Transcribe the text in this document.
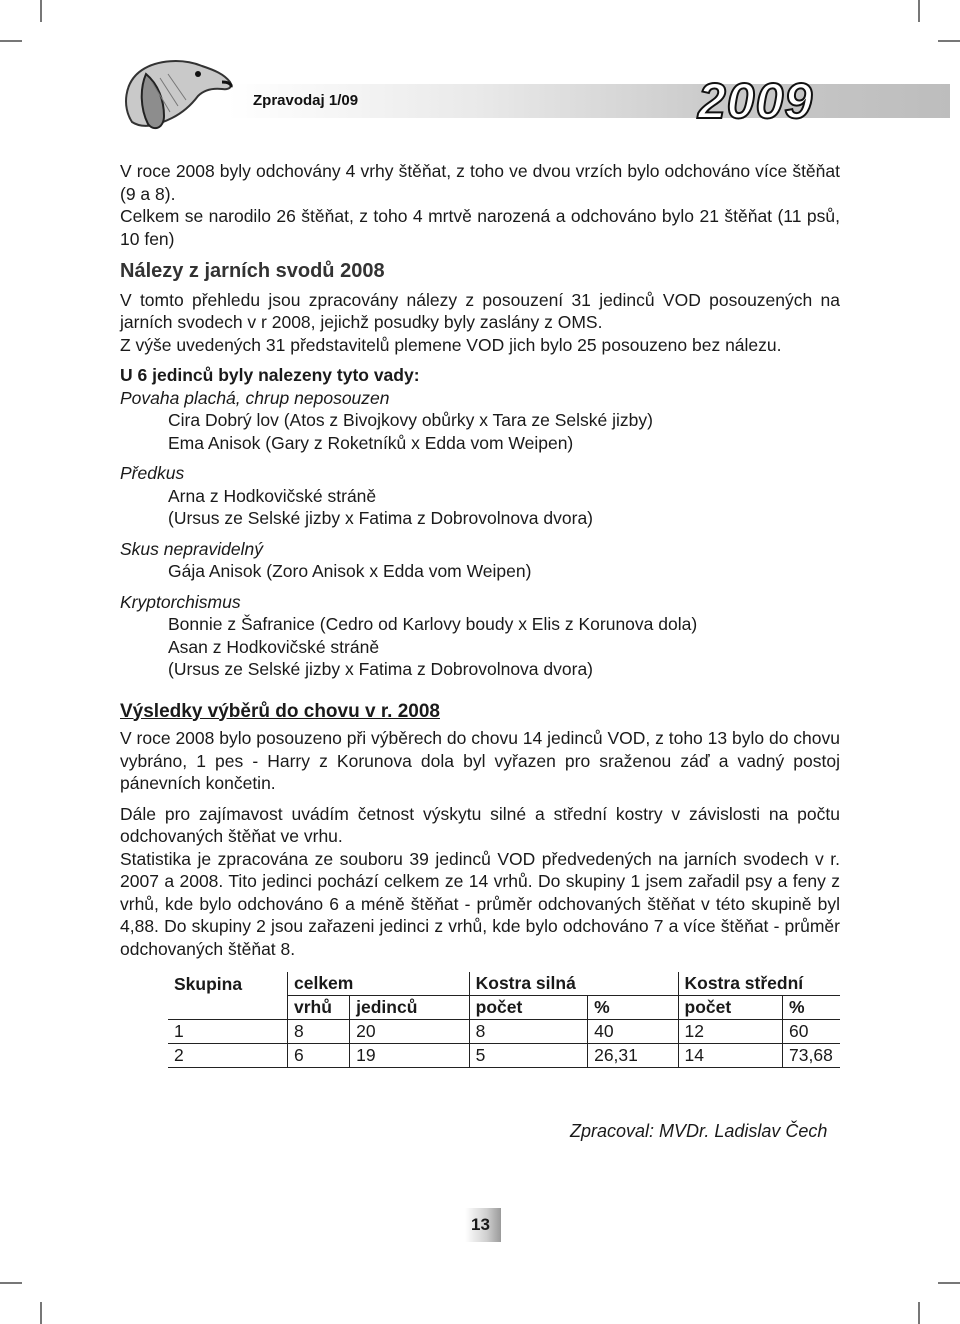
Zpravodaj 1/09	2009

V roce 2008 byly odchovány 4 vrhy štěňat, z toho ve dvou vrzích bylo odchováno více štěňat (9 a 8).

Celkem se narodilo 26 štěňat, z toho 4 mrtvě narozená a odchováno bylo 21 štěňat (11 psů, 10 fen)

Nálezy z jarních svodů 2008

V tomto přehledu jsou zpracovány nálezy z posouzení 31 jedinců VOD posouzených na jarních svodech v r 2008, jejichž posudky byly zaslány z OMS.

Z výše uvedených 31 představitelů plemene VOD jich bylo 25 posouzeno bez nálezu.

U 6 jedinců byly nalezeny tyto vady:

Povaha plachá, chrup neposouzen

Cira Dobrý lov (Atos z Bivojkovy obůrky x Tara ze Selské jizby)

Ema Anisok (Gary z Roketníků x Edda vom Weipen)

Předkus

Arna z Hodkovičské stráně

(Ursus ze Selské jizby x Fatima z Dobrovolnova dvora)

Skus nepravidelný

Gája Anisok (Zoro Anisok x Edda vom Weipen)

Kryptorchismus

Bonnie z Šafranice (Cedro od Karlovy boudy x Elis z Korunova dola)

Asan z Hodkovičské stráně

(Ursus ze Selské jizby x Fatima z Dobrovolnova dvora)

Výsledky výběrů do chovu v r. 2008

V roce 2008 bylo posouzeno při výběrech do chovu 14 jedinců VOD, z toho 13 bylo do chovu vybráno, 1 pes - Harry z Korunova dola byl vyřazen pro sraženou záď a vadný postoj pánevních končetin.

Dále pro zajímavost uvádím četnost výskytu silné a střední kostry v závislosti na počtu odchovaných štěňat ve vrhu.

Statistika je zpracována ze souboru 39 jedinců VOD předvedených na jarních svodech v r. 2007 a 2008. Tito jedinci pochází celkem ze 14 vrhů. Do skupiny 1 jsem zařadil psy a feny z vrhů, kde bylo odchováno 6 a méně štěňat - průměr odchovaných štěňat v této skupině byl 4,88. Do skupiny 2 jsou zařazeni jedinci z vrhů, kde bylo odchováno 7 a více štěňat - průměr odchovaných štěňat 8.

Skupina	celkem		Kostra silná		Kostra střední	
	vrhů	jedinců	počet	%	počet	%
1	8	20	8	40	12	60
2	6	19	5	26,31	14	73,68
Zpracoval: MVDr. Ladislav Čech
13
